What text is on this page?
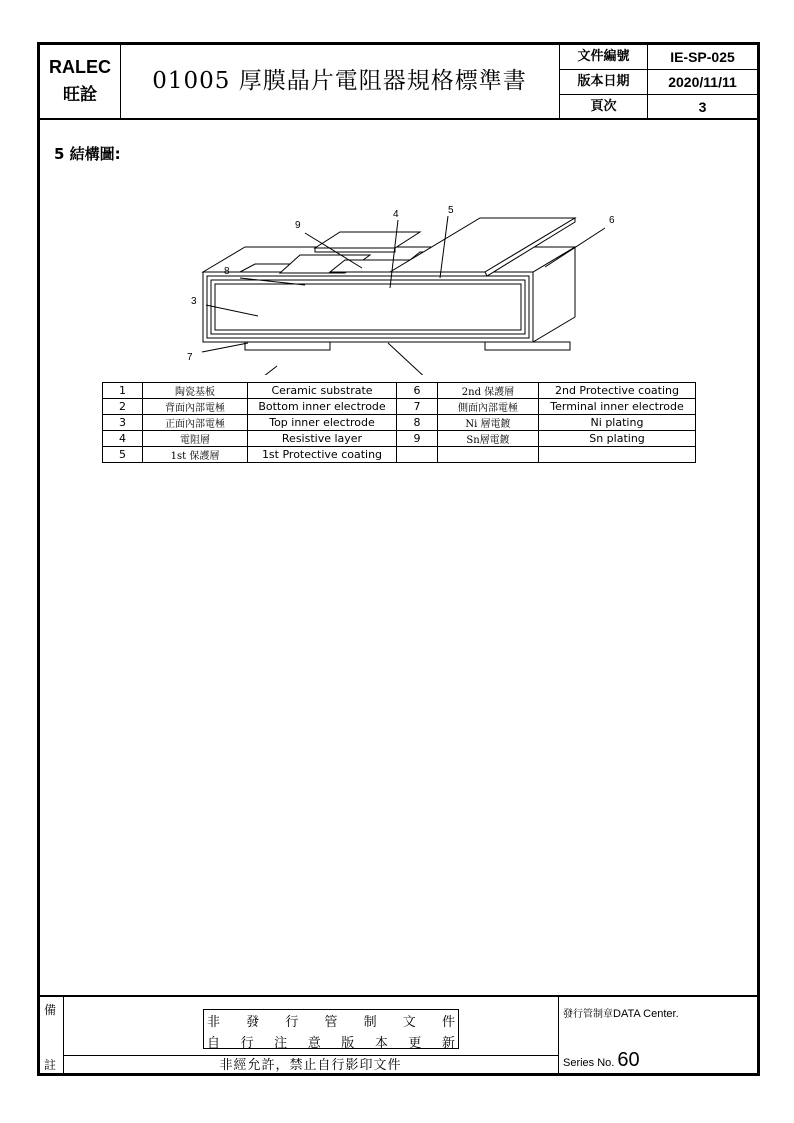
RALEC
旺詮
01005 厚膜晶片電阻器規格標準書
文件編號	IE-SP-025
版本日期	2020/11/11
頁次	3
5 結構圖:
3
4	5
6
7
8
9
1	陶瓷基板	Ceramic substrate	6	2nd 保護層	2nd Protective coating
2	背面內部電極	Bottom inner electrode	7	側面內部電極	Terminal inner electrode
3	正面內部電極	Top inner electrode	8	Ni 層電鍍	Ni plating
4	電阻層	Resistive layer	9	Sn層電鍍	Sn plating
5	1st 保護層	1st Protective coating			
備
註
非 發 行 管 制 文 件
自 行 注 意 版 本 更 新
非經允許，禁止自行影印文件
發行管制章DATA Center.
Series No. 60
